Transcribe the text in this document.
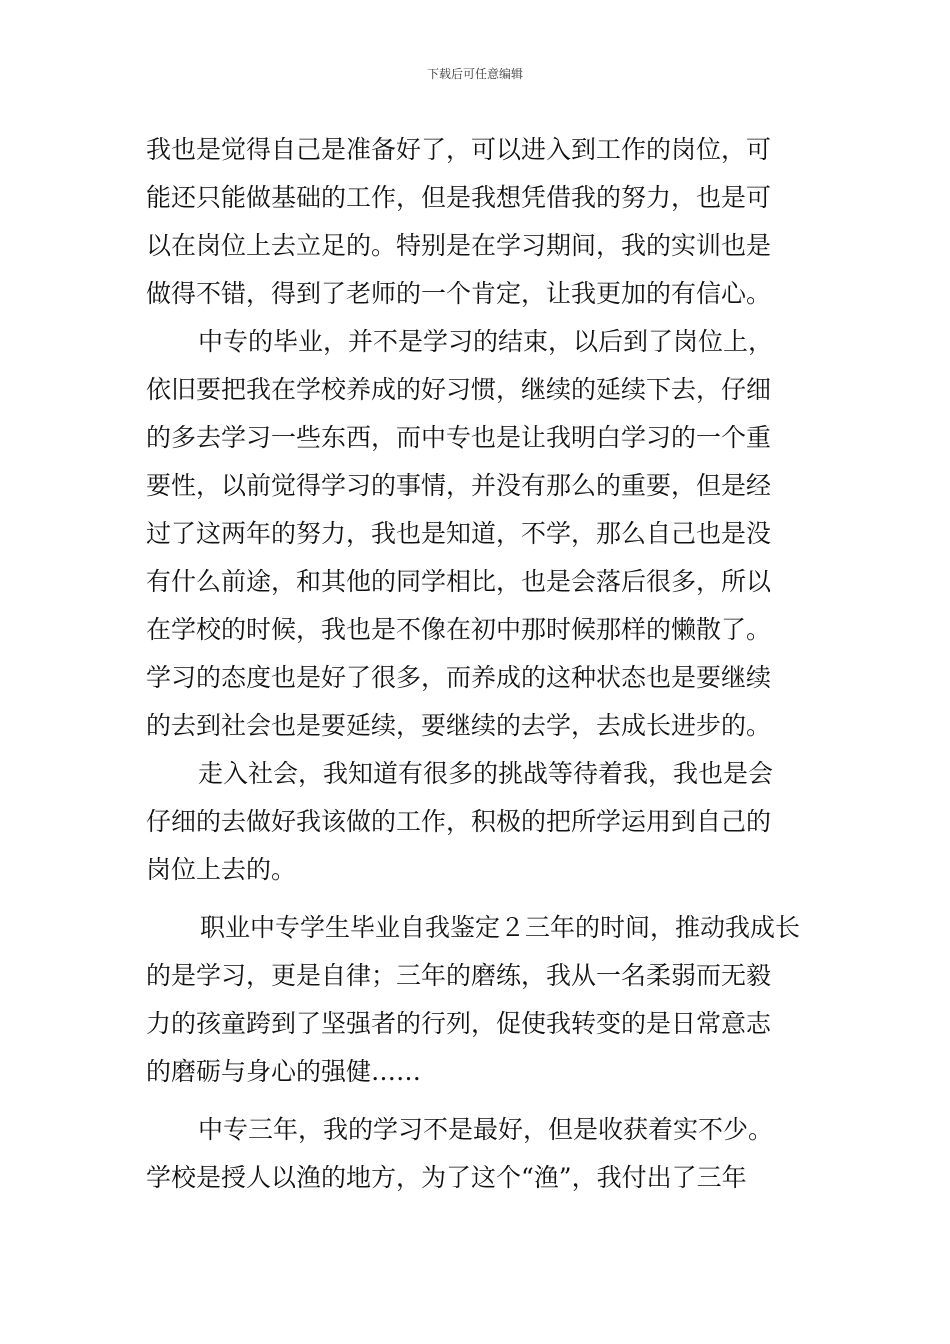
下载后可任意编辑
我也是觉得自己是准备好了，可以进入到工作的岗位，可
能还只能做基础的工作，但是我想凭借我的努力，也是可
以在岗位上去立足的。特别是在学习期间，我的实训也是
做得不错，得到了老师的一个肯定，让我更加的有信心。
中专的毕业，并不是学习的结束，以后到了岗位上，
依旧要把我在学校养成的好习惯，继续的延续下去，仔细
的多去学习一些东西，而中专也是让我明白学习的一个重
要性，以前觉得学习的事情，并没有那么的重要，但是经
过了这两年的努力，我也是知道，不学，那么自己也是没
有什么前途，和其他的同学相比，也是会落后很多，所以
在学校的时候，我也是不像在初中那时候那样的懒散了。
学习的态度也是好了很多，而养成的这种状态也是要继续
的去到社会也是要延续，要继续的去学，去成长进步的。
走入社会，我知道有很多的挑战等待着我，我也是会
仔细的去做好我该做的工作，积极的把所学运用到自己的
岗位上去的。
职业中专学生毕业自我鉴定２三年的时间，推动我成长
的是学习，更是自律；三年的磨练，我从一名柔弱而无毅
力的孩童跨到了坚强者的行列，促使我转变的是日常意志
的磨砺与身心的强健……
中专三年，我的学习不是最好，但是收获着实不少。
学校是授人以渔的地方，为了这个“渔”，我付出了三年
